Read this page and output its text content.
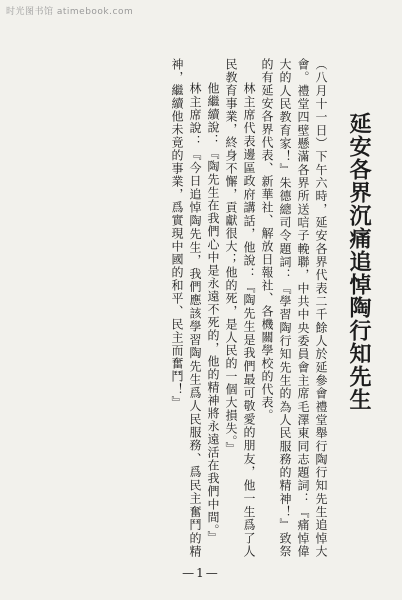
时光图书馆 atimebook.com
延安各界沉痛追悼陶行知先生

（八月十一日）下午六時，延安各界代表二千餘人於延參會禮堂舉行陶行知先生追悼大會。禮堂四壁懸滿各界所送唁子輓聯，中共中央委員會主席毛澤東同志題詞：『痛悼偉大的人民教育家！』朱德總司令題詞：『學習陶行知先生的為人民服務的精神！』致祭的有延安各界代表、新華社、解放日報社、各機關學校的代表。

林主席代表邊區政府講話，他說：『陶先生是我們最可敬愛的朋友，他一生爲了人民教育事業，終身不懈，貢獻很大；他的死，是人民的一個大損失。』

他繼續說：『陶先生在我們心中是永遠不死的，他的精神將永遠活在我們中間。』

林主席說：『今日追悼陶先生，我們應該學習陶先生爲人民服務、爲民主奮鬥的精神，繼續他未竟的事業，爲實現中國的和平、民主而奮鬥！』

—1—
